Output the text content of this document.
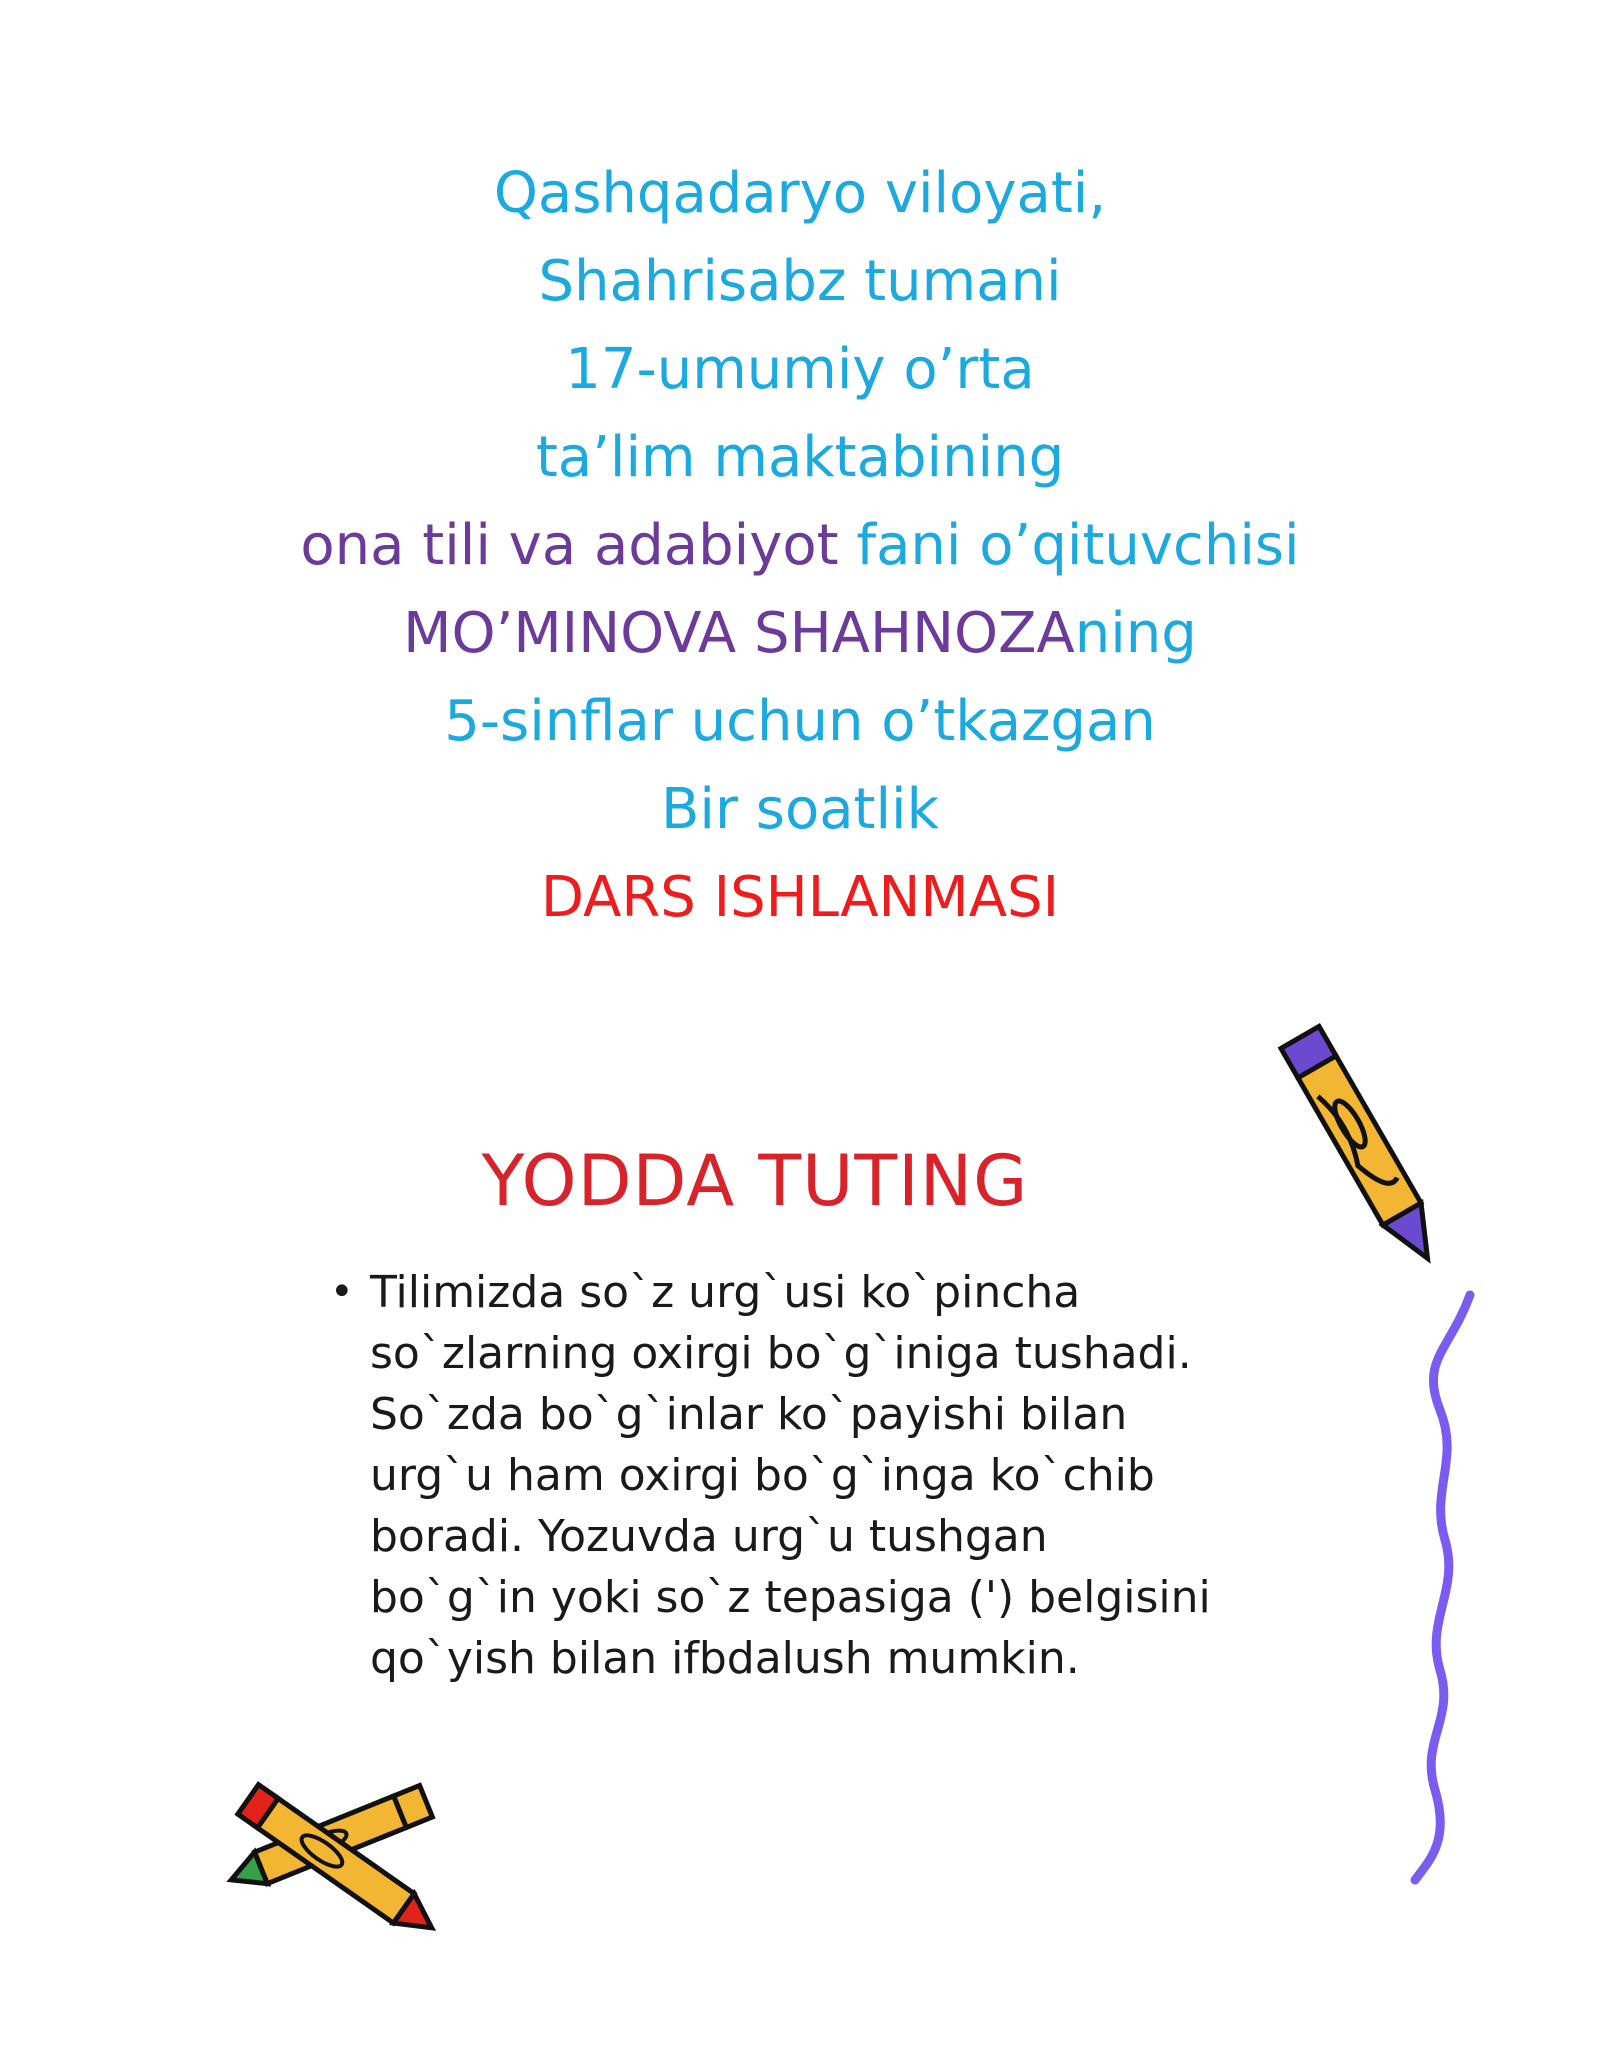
Qashqadaryo viloyati,
Shahrisabz tumani
17-umumiy o’rta
ta’lim maktabining
ona tili va adabiyot fani o’qituvchisi
MO’MINOVA SHAHNOZAning
5-sinflar uchun o’tkazgan
Bir soatlik
DARS ISHLANMASI
YODDA TUTING
• Tilimizda so`z urg`usi ko`pincha
so`zlarning oxirgi bo`g`iniga tushadi.
So`zda bo`g`inlar ko`payishi bilan
urg`u ham oxirgi bo`g`inga ko`chib
boradi. Yozuvda urg`u tushgan
bo`g`in yoki so`z tepasiga (') belgisini
qo`yish bilan ifbdalush mumkin.
